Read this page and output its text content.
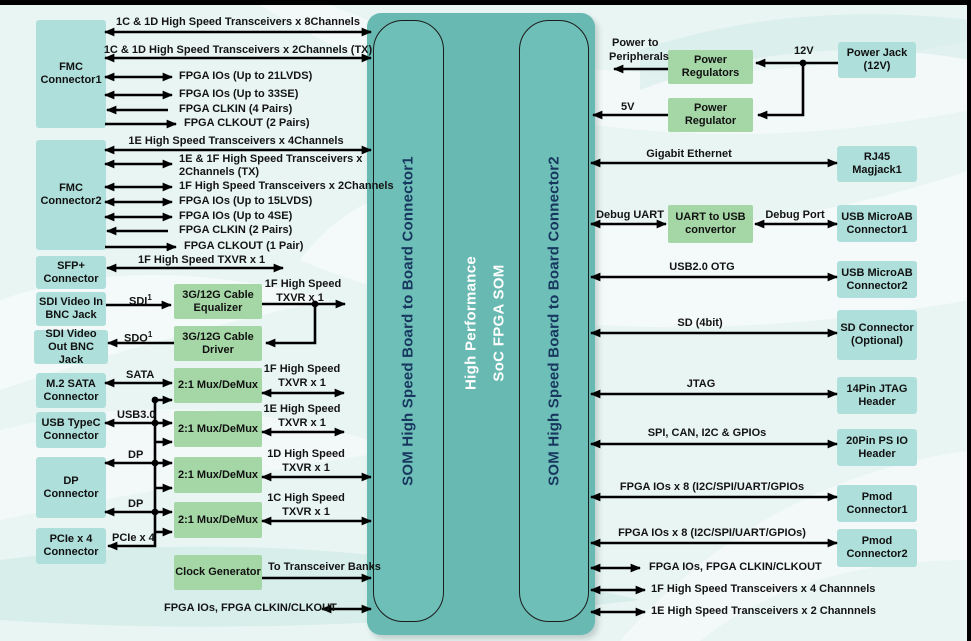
SOM High Speed Board to Board Connector1	SOM High Speed Board to Board Connector2
High Performance SoC FPGA SOM
FMC Connector1
FMC Connector2
SFP+ Connector
SDI Video In BNC Jack
SDI Video Out BNC Jack
M.2 SATA Connector
USB TypeC Connector
DP Connector
PCIe x 4 Connector
3G/12G Cable Equalizer
3G/12G Cable Driver
2:1 Mux/DeMux
2:1 Mux/DeMux
2:1 Mux/DeMux
2:1 Mux/DeMux
Clock Generator
Power Regulators
Power Regulator
UART to USB convertor
Power Jack (12V)
RJ45 Magjack1
USB MicroAB Connector1
USB MicroAB Connector2
SD Connector (Optional)
14Pin JTAG Header
20Pin PS IO Header
Pmod Connector1
Pmod Connector2
1C & 1D High Speed Transceivers x 8Channels
1C & 1D High Speed Transceivers x 2Channels (TX)
FPGA IOs (Up to 21LVDS)
FPGA IOs (Up to 33SE)
FPGA CLKIN (4 Pairs)
FPGA CLKOUT (2 Pairs)
1E High Speed Transceivers x 4Channels
1E & 1F High Speed Transceivers x
2Channels (TX)
1F High Speed Transceivers x 2Channels
FPGA IOs (Up to 15LVDS)
FPGA IOs (Up to 4SE)
FPGA CLKIN (2 Pairs)
FPGA CLKOUT (1 Pair)
1F High Speed TXVR x 1
SDI$^1$
1F High Speed
TXVR x 1
SDO$^1$
SATA	1F High Speed
TXVR x 1
USB3.0	1E High Speed
TXVR x 1
DP	1D High Speed
TXVR x 1
DP	1C High Speed
TXVR x 1
PCIe x 4
To Transceiver Banks
FPGA IOs, FPGA CLKIN/CLKOUT
Power to
Peripherals	12V
5V
Gigabit Ethernet
Debug UART	Debug Port
USB2.0 OTG
SD (4bit)
JTAG
SPI, CAN, I2C & GPIOs
FPGA IOs x 8 (I2C/SPI/UART/GPIOs
FPGA IOs x 8 (I2C/SPI/UART/GPIOs)
FPGA IOs, FPGA CLKIN/CLKOUT
1F High Speed Transceivers x 4 Channnels
1E High Speed Transceivers x 2 Channnels
